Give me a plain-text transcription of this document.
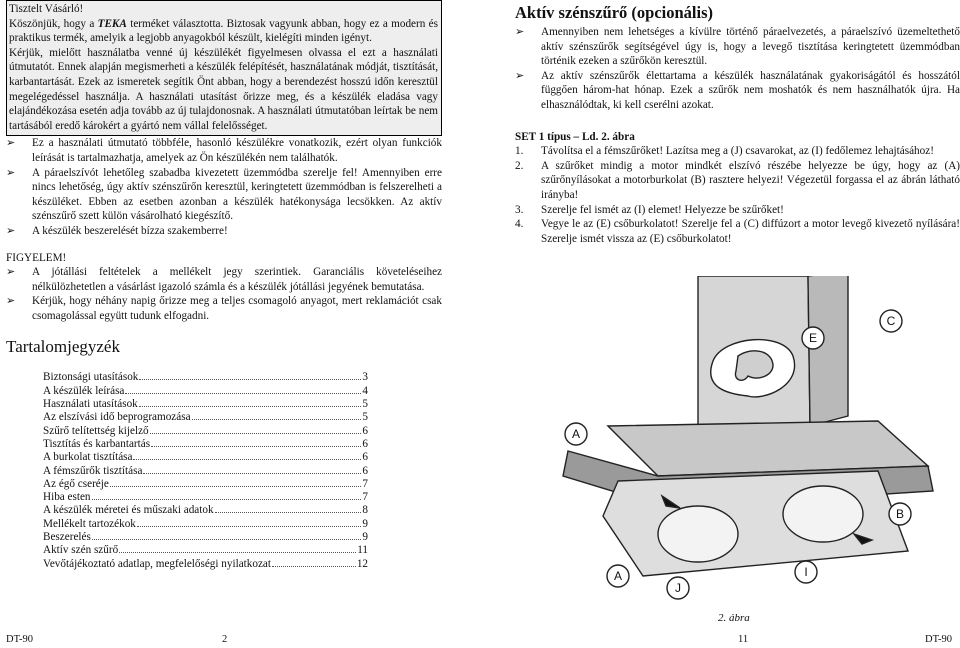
Tisztelt Vásárló!

Köszönjük, hogy a TEKA terméket választotta. Biztosak vagyunk abban, hogy ez a modern és praktikus termék, amelyik a legjobb anyagokból készült, kielégíti minden igényt.

Kérjük, mielőtt használatba venné új készülékét figyelmesen olvassa el ezt a használati útmutatót. Ennek alapján megismerheti a készülék felépítését, használatának módját, tisztítását, karbantartását. Ezek az ismeretek segítik Önt abban, hogy a berendezést hosszú időn keresztül megelégedéssel használja. A használati utasítást őrizze meg, és a készülék eladása vagy elajándékozása esetén adja tovább az új tulajdonosnak. A használati útmutatóban leírtak be nem tartásából eredő károkért a gyártó nem vállal felelősséget.

➢	Ez a használati útmutató többféle, hasonló készülékre vonatkozik, ezért olyan funkciók leírását is tartalmazhatja, amelyek az Ön készülékén nem találhatók.
➢	A páraelszívót lehetőleg szabadba kivezetett üzemmódba szerelje fel! Amennyiben erre nincs lehetőség, úgy aktív szénszűrőn keresztül, keringtetett üzemmódban is felszerelheti a készüléket. Ebben az esetben azonban a készülék hatékonysága lecsökken. Az aktív szénszűrő szett külön vásárolható kiegészítő.
➢	A készülék beszerelését bízza szakemberre!
FIGYELEM!
➢	A jótállási feltételek a mellékelt jegy szerintiek. Garanciális követeléseihez nélkülözhetetlen a vásárlást igazoló számla és a készülék jótállási jegyének bemutatása.
➢	Kérjük, hogy néhány napig őrizze meg a teljes csomagoló anyagot, mert reklamációt csak csomagolással együtt tudunk elfogadni.
Tartalomjegyzék
Biztonsági utasítások	3
A készülék leírása	4
Használati utasítások	5
Az elszívási idő beprogramozása	5
Szűrő telítettség kijelző	6
Tisztítás és karbantartás	6
A burkolat tisztítása	6
A fémszűrők tisztítása	6
Az égő cseréje	7
Hiba esten	7
A készülék méretei és műszaki adatok	8
Mellékelt tartozékok	9
Beszerelés	9
Aktív szén szűrő	11
Vevőtájékoztató adatlap, megfelelőségi nyilatkozat	12
Aktív szénszűrő (opcionális)
➢	Amennyiben nem lehetséges a kívülre történő páraelvezetés, a páraelszívó üzemeltethető aktív szénszűrők segítségével úgy is, hogy a levegő tisztítása keringtetett üzemmódban történik ezeken a szűrőkön keresztül.
➢	Az aktív szénszűrők élettartama a készülék használatának gyakoriságától és hosszától függően három-hat hónap. Ezek a szűrők nem moshatók és nem használhatók újra. Ha elhasználódtak, ki kell cserélni azokat.
SET 1 típus – Ld. 2. ábra
1. Távolítsa el a fémszűrőket! Lazítsa meg a (J) csavarokat, az (I) fedőlemez lehajtásához!
2. A szűrőket mindig a motor mindkét elszívó részébe helyezze be úgy, hogy az (A) szűrőnyílásokat a motorburkolat (B) rasztere helyezi! Végezetül forgassa el az ábrán látható irányba!
3. Szerelje fel ismét az (I) elemet! Helyezze be szűrőket!
4. Vegye le az (E) csőburkolatot! Szerelje fel a (C) diffúzort a motor levegő kivezető nyílására! Szerelje ismét vissza az (E) csőburkolatot!
E
C
B
I
A
J
A
2. ábra
DT-90	2	11	DT-90
